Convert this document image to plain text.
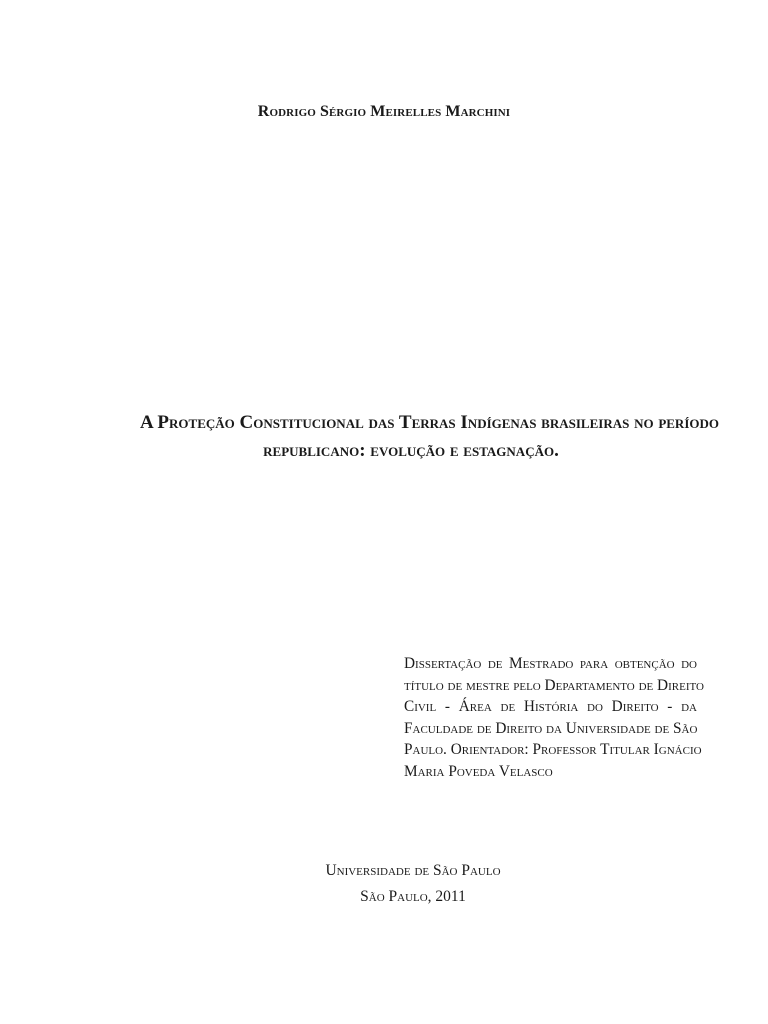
Rodrigo Sérgio Meirelles Marchini
A Proteção Constitucional das Terras Indígenas brasileiras no período
republicano: evolução e estagnação.
Dissertação de Mestrado para obtenção do
título de mestre pelo Departamento de Direito
Civil - Área de História do Direito - da
Faculdade de Direito da Universidade de São
Paulo. Orientador: Professor Titular Ignácio
Maria Poveda Velasco
Universidade de São Paulo
São Paulo, 2011
